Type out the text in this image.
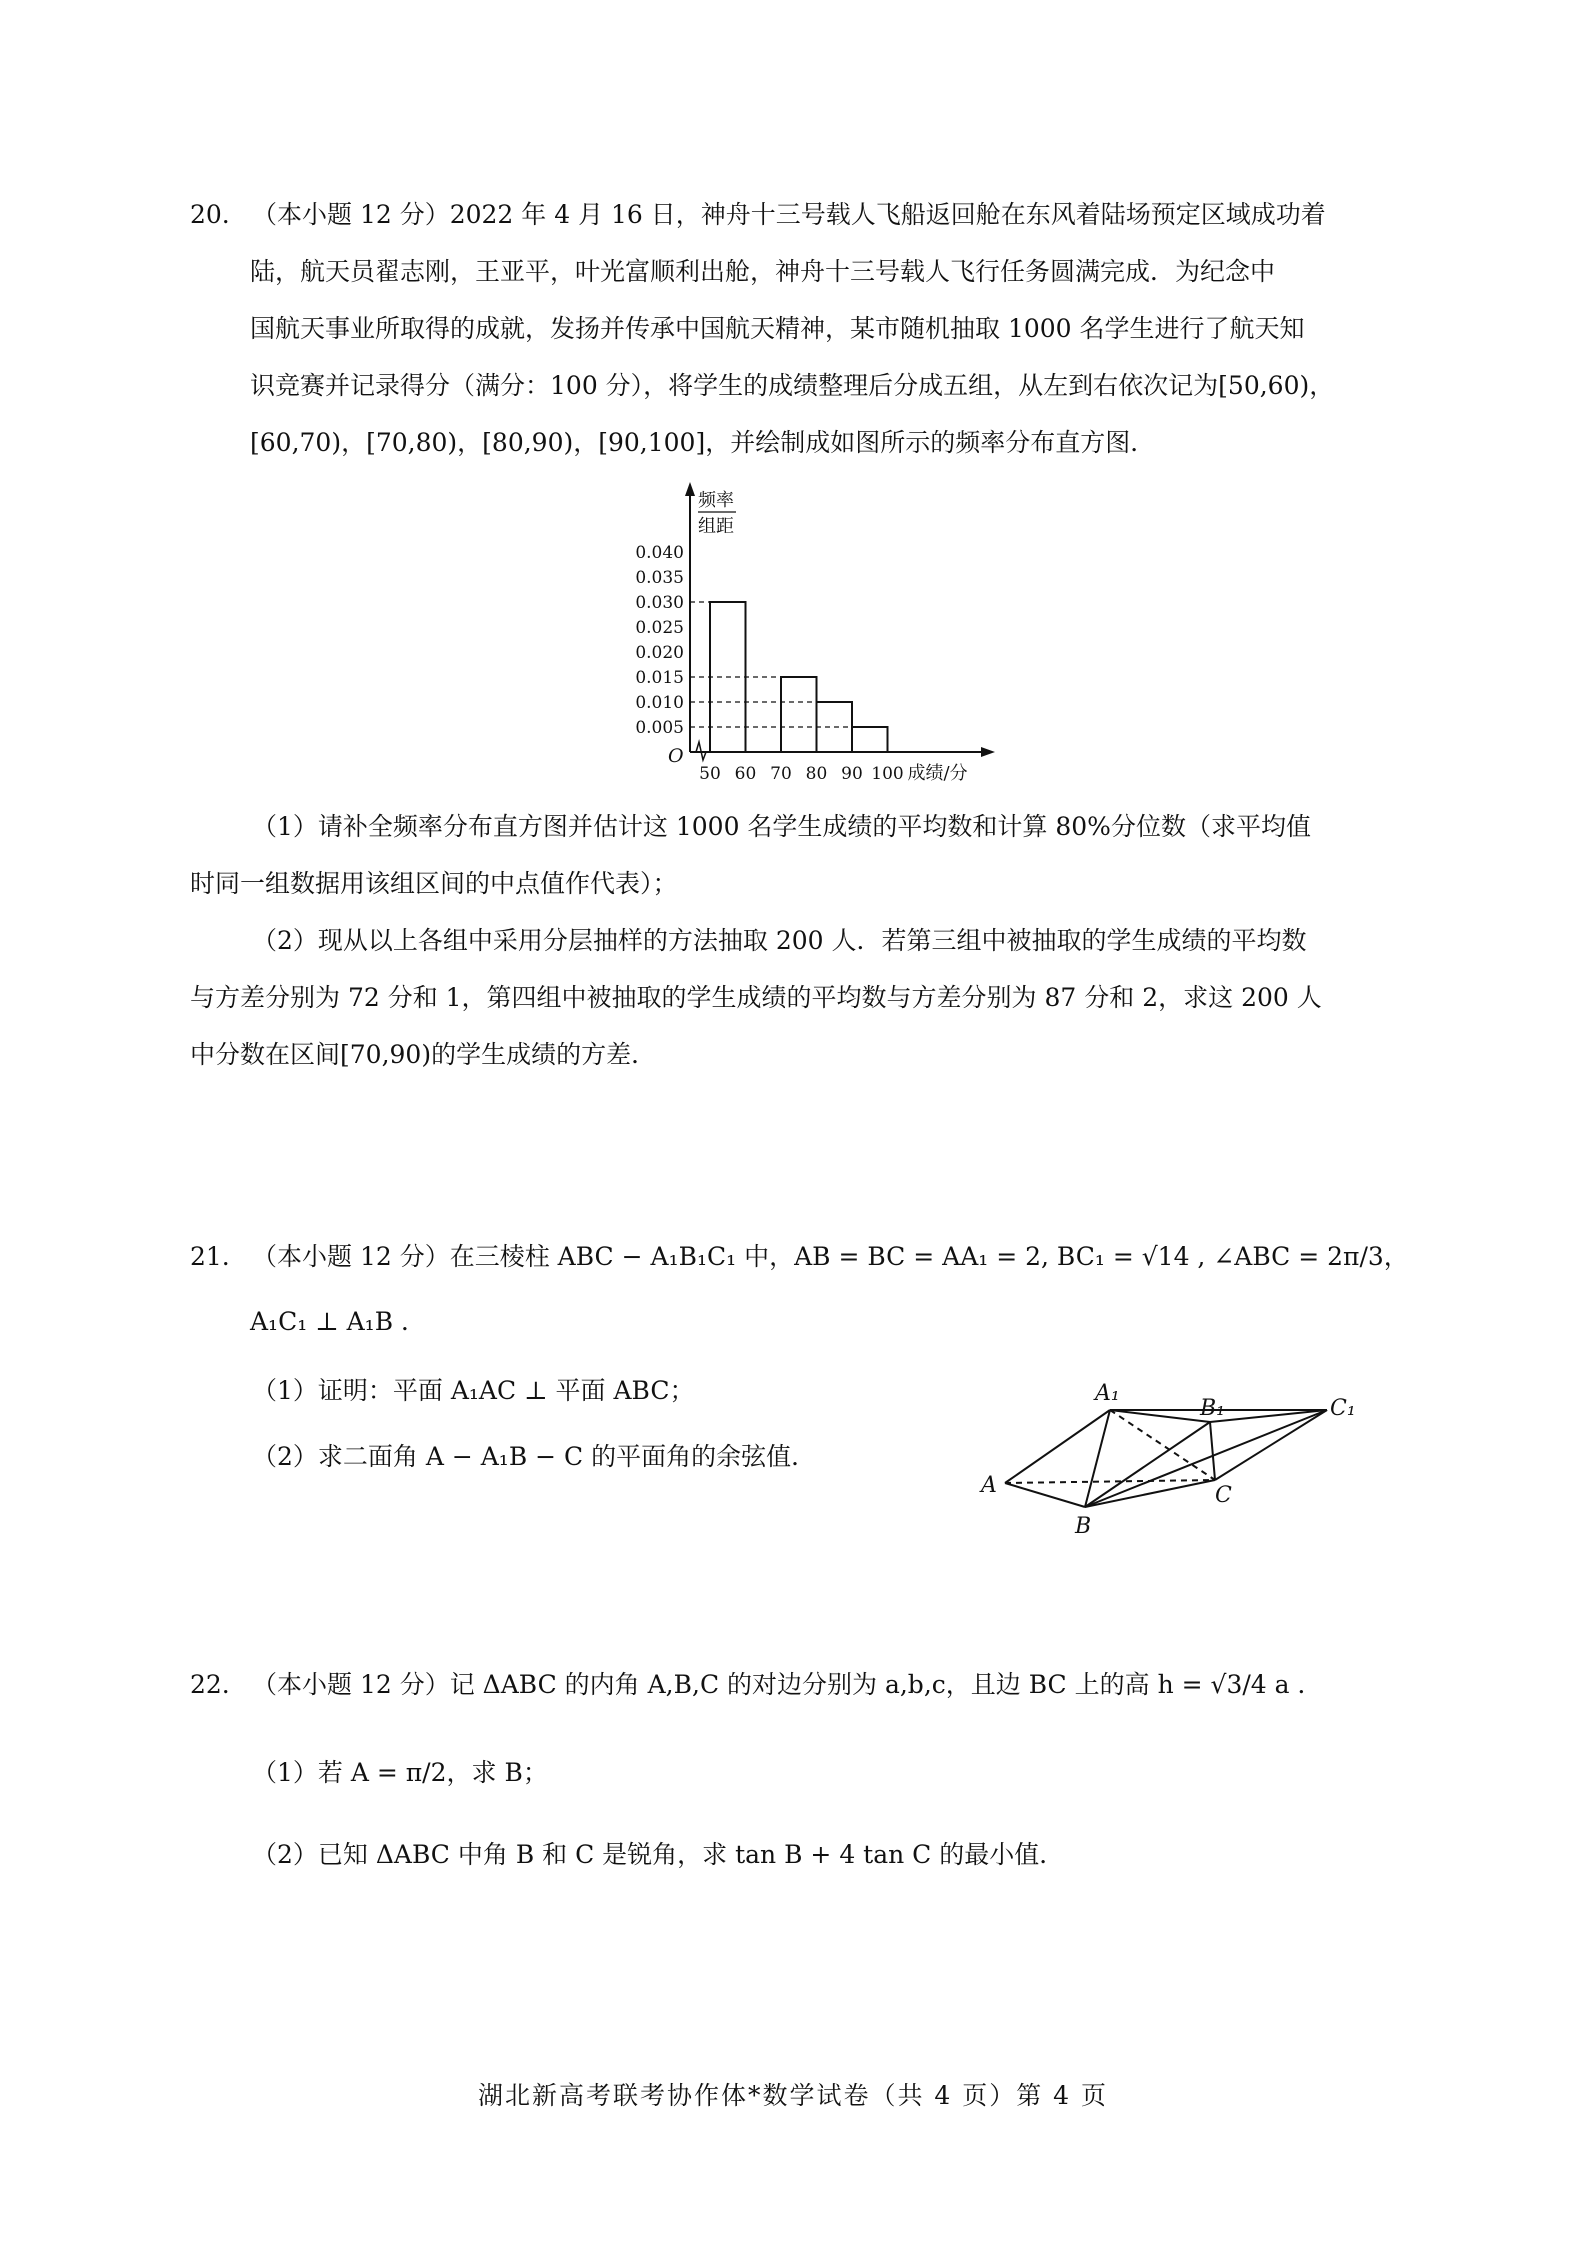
20. （本小题 12 分）2022 年 4 月 16 日，神舟十三号载人飞船返回舱在东风着陆场预定区域成功着
陆，航天员翟志刚，王亚平，叶光富顺利出舱，神舟十三号载人飞行任务圆满完成．为纪念中
国航天事业所取得的成就，发扬并传承中国航天精神，某市随机抽取 1000 名学生进行了航天知
识竞赛并记录得分（满分：100 分），将学生的成绩整理后分成五组，从左到右依次记为[50,60)，
[60,70)，[70,80)，[80,90)，[90,100]，并绘制成如图所示的频率分布直方图．
频率
组距
O
0.005
0.010
0.015
0.020
0.025
0.030
0.035
0.040
50 60 70 80 90 100 成绩/分
（1）请补全频率分布直方图并估计这 1000 名学生成绩的平均数和计算 80%分位数（求平均值
时同一组数据用该组区间的中点值作代表）；
（2）现从以上各组中采用分层抽样的方法抽取 200 人．若第三组中被抽取的学生成绩的平均数
与方差分别为 72 分和 1，第四组中被抽取的学生成绩的平均数与方差分别为 87 分和 2，求这 200 人
中分数在区间[70,90)的学生成绩的方差．
21. （本小题 12 分）在三棱柱 ABC − A₁B₁C₁ 中，AB = BC = AA₁ = 2, BC₁ = √14 , ∠ABC = 2π/3，
A₁C₁ ⊥ A₁B ．
（1）证明：平面 A₁AC ⊥ 平面 ABC；
（2）求二面角 A − A₁B − C 的平面角的余弦值．
A₁
B₁	C₁
A
B
C
22. （本小题 12 分）记 ΔABC 的内角 A,B,C 的对边分别为 a,b,c，且边 BC 上的高 h = √3/4 a ．
（1）若 A = π/2，求 B；
（2）已知 ΔABC 中角 B 和 C 是锐角，求 tan B + 4 tan C 的最小值．
湖北新高考联考协作体*数学试卷（共 4 页）第 4 页
